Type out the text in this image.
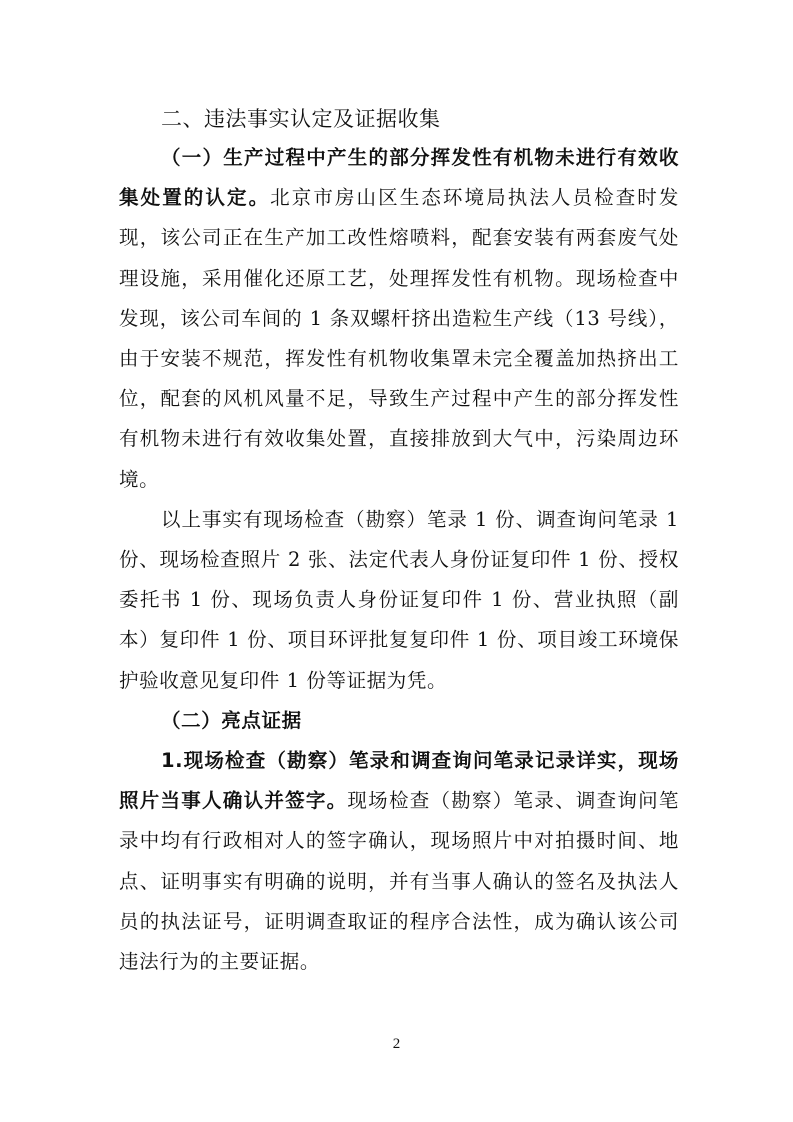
二、违法事实认定及证据收集

（一）生产过程中产生的部分挥发性有机物未进行有效收集处置的认定。北京市房山区生态环境局执法人员检查时发现，该公司正在生产加工改性熔喷料，配套安装有两套废气处理设施，采用催化还原工艺，处理挥发性有机物。现场检查中发现，该公司车间的 1 条双螺杆挤出造粒生产线（13 号线），由于安装不规范，挥发性有机物收集罩未完全覆盖加热挤出工位，配套的风机风量不足，导致生产过程中产生的部分挥发性有机物未进行有效收集处置，直接排放到大气中，污染周边环境。

以上事实有现场检查（勘察）笔录 1 份、调查询问笔录 1 份、现场检查照片 2 张、法定代表人身份证复印件 1 份、授权委托书 1 份、现场负责人身份证复印件 1 份、营业执照（副本）复印件 1 份、项目环评批复复印件 1 份、项目竣工环境保护验收意见复印件 1 份等证据为凭。

（二）亮点证据

1.现场检查（勘察）笔录和调查询问笔录记录详实，现场照片当事人确认并签字。现场检查（勘察）笔录、调查询问笔录中均有行政相对人的签字确认，现场照片中对拍摄时间、地点、证明事实有明确的说明，并有当事人确认的签名及执法人员的执法证号，证明调查取证的程序合法性，成为确认该公司违法行为的主要证据。

2
